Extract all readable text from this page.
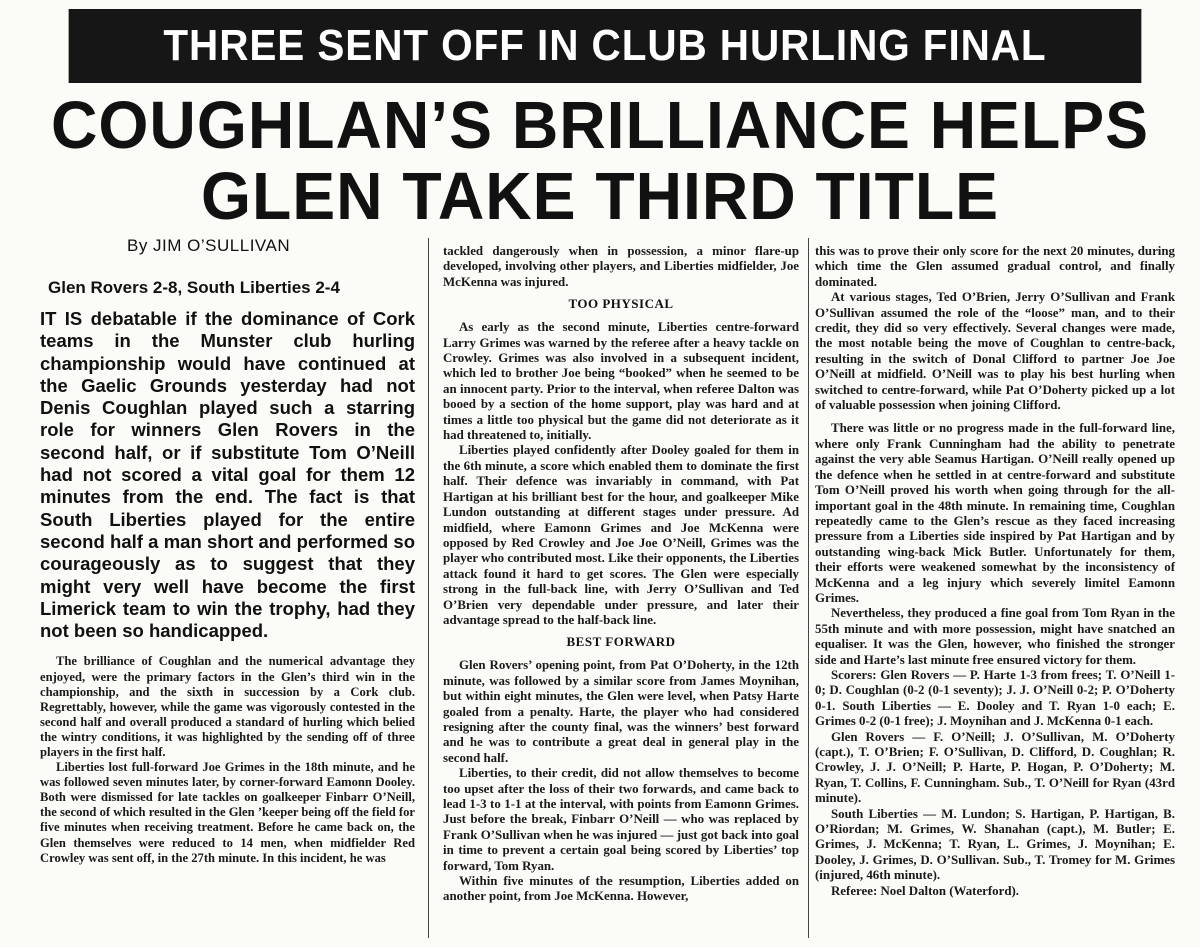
THREE SENT OFF IN CLUB HURLING FINAL
COUGHLAN’S BRILLIANCE HELPS
GLEN TAKE THIRD TITLE
By JIM O’SULLIVAN
Glen Rovers 2-8, South Liberties 2-4
IT IS debatable if the dominance of Cork teams in the Munster club hurling championship would have continued at the Gaelic Grounds yesterday had not Denis Coughlan played such a starring role for winners Glen Rovers in the second half, or if substitute Tom O’Neill had not scored a vital goal for them 12 minutes from the end. The fact is that South Liberties played for the entire second half a man short and performed so courageously as to suggest that they might very well have become the first Limerick team to win the trophy, had they not been so handicapped.

The brilliance of Coughlan and the numerical advantage they enjoyed, were the primary factors in the Glen’s third win in the championship, and the sixth in succession by a Cork club. Regrettably, however, while the game was vigorously contested in the second half and overall produced a standard of hurling which belied the wintry conditions, it was highlighted by the sending off of three players in the first half.

Liberties lost full-forward Joe Grimes in the 18th minute, and he was followed seven minutes later, by corner-forward Eamonn Dooley. Both were dismissed for late tackles on goalkeeper Finbarr O’Neill, the second of which resulted in the Glen ’keeper being off the field for five minutes when receiving treatment. Before he came back on, the Glen themselves were reduced to 14 men, when midfielder Red Crowley was sent off, in the 27th minute. In this incident, he was

tackled dangerously when in possession, a minor flare-up developed, involving other players, and Liberties midfielder, Joe McKenna was injured.

TOO PHYSICAL

As early as the second minute, Liberties centre-forward Larry Grimes was warned by the referee after a heavy tackle on Crowley. Grimes was also involved in a subsequent incident, which led to brother Joe being “booked” when he seemed to be an innocent party. Prior to the interval, when referee Dalton was booed by a section of the home support, play was hard and at times a little too physical but the game did not deteriorate as it had threatened to, initially.

Liberties played confidently after Dooley goaled for them in the 6th minute, a score which enabled them to dominate the first half. Their defence was invariably in command, with Pat Hartigan at his brilliant best for the hour, and goalkeeper Mike Lundon outstanding at different stages under pressure. Ad midfield, where Eamonn Grimes and Joe McKenna were opposed by Red Crowley and Joe Joe O’Neill, Grimes was the player who contributed most. Like their opponents, the Liberties attack found it hard to get scores. The Glen were especially strong in the full-back line, with Jerry O’Sullivan and Ted O’Brien very dependable under pressure, and later their advantage spread to the half-back line.

BEST FORWARD

Glen Rovers’ opening point, from Pat O’Doherty, in the 12th minute, was followed by a similar score from James Moynihan, but within eight minutes, the Glen were level, when Patsy Harte goaled from a penalty. Harte, the player who had considered resigning after the county final, was the winners’ best forward and he was to contribute a great deal in general play in the second half.

Liberties, to their credit, did not allow themselves to become too upset after the loss of their two forwards, and came back to lead 1-3 to 1-1 at the interval, with points from Eamonn Grimes. Just before the break, Finbarr O’Neill — who was replaced by Frank O’Sullivan when he was injured — just got back into goal in time to prevent a certain goal being scored by Liberties’ top forward, Tom Ryan.

Within five minutes of the resumption, Liberties added on another point, from Joe McKenna. However,

this was to prove their only score for the next 20 minutes, during which time the Glen assumed gradual control, and finally dominated.

At various stages, Ted O’Brien, Jerry O’Sullivan and Frank O’Sullivan assumed the role of the “loose” man, and to their credit, they did so very effectively. Several changes were made, the most notable being the move of Coughlan to centre-back, resulting in the switch of Donal Clifford to partner Joe Joe O’Neill at midfield. O’Neill was to play his best hurling when switched to centre-forward, while Pat O’Doherty picked up a lot of valuable possession when joining Clifford.

There was little or no progress made in the full-forward line, where only Frank Cunningham had the ability to penetrate against the very able Seamus Hartigan. O’Neill really opened up the defence when he settled in at centre-forward and substitute Tom O’Neill proved his worth when going through for the all-important goal in the 48th minute. In remaining time, Coughlan repeatedly came to the Glen’s rescue as they faced increasing pressure from a Liberties side inspired by Pat Hartigan and by outstanding wing-back Mick Butler. Unfortunately for them, their efforts were weakened somewhat by the inconsistency of McKenna and a leg injury which severely limitel Eamonn Grimes.

Nevertheless, they produced a fine goal from Tom Ryan in the 55th minute and with more possession, might have snatched an equaliser. It was the Glen, however, who finished the stronger side and Harte’s last minute free ensured victory for them.

Scorers: Glen Rovers — P. Harte 1-3 from frees; T. O’Neill 1-0; D. Coughlan (0-2 (0-1 seventy); J. J. O’Neill 0-2; P. O’Doherty 0-1. South Liberties — E. Dooley and T. Ryan 1-0 each; E. Grimes 0-2 (0-1 free); J. Moynihan and J. McKenna 0-1 each.

Glen Rovers — F. O’Neill; J. O’Sullivan, M. O’Doherty (capt.), T. O’Brien; F. O’Sullivan, D. Clifford, D. Coughlan; R. Crowley, J. J. O’Neill; P. Harte, P. Hogan, P. O’Doherty; M. Ryan, T. Collins, F. Cunningham. Sub., T. O’Neill for Ryan (43rd minute).

South Liberties — M. Lundon; S. Hartigan, P. Hartigan, B. O’Riordan; M. Grimes, W. Shanahan (capt.), M. Butler; E. Grimes, J. McKenna; T. Ryan, L. Grimes, J. Moynihan; E. Dooley, J. Grimes, D. O’Sullivan. Sub., T. Tromey for M. Grimes (injured, 46th minute).

Referee: Noel Dalton (Waterford).
